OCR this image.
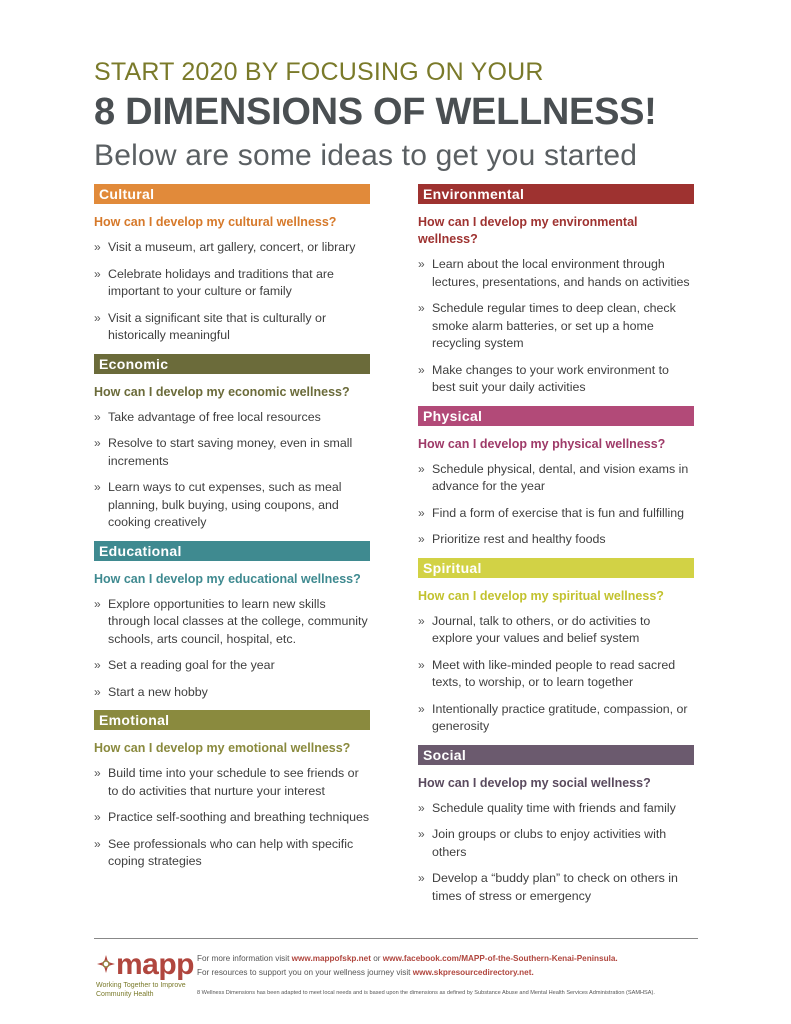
START 2020 BY FOCUSING ON YOUR
8 DIMENSIONS OF WELLNESS!
Below are some ideas to get you started
Cultural
How can I develop my cultural wellness?
» Visit a museum, art gallery, concert, or library
» Celebrate holidays and traditions that are important to your culture or family
» Visit a significant site that is culturally or historically meaningful
Economic
How can I develop my economic wellness?
» Take advantage of free local resources
» Resolve to start saving money, even in small increments
» Learn ways to cut expenses, such as meal planning, bulk buying, using coupons, and cooking creatively
Educational
How can I develop my educational wellness?
» Explore opportunities to learn new skills through local classes at the college, community schools, arts council, hospital, etc.
» Set a reading goal for the year
» Start a new hobby
Emotional
How can I develop my emotional wellness?
» Build time into your schedule to see friends or to do activities that nurture your interest
» Practice self-soothing and breathing techniques
» See professionals who can help with specific coping strategies
Environmental
How can I develop my environmental wellness?
» Learn about the local environment through lectures, presentations, and hands on activities
» Schedule regular times to deep clean, check smoke alarm batteries, or set up a home recycling system
» Make changes to your work environment to best suit your daily activities
Physical
How can I develop my physical wellness?
» Schedule physical, dental, and vision exams in advance for the year
» Find a form of exercise that is fun and fulfilling
» Prioritize rest and healthy foods
Spiritual
How can I develop my spiritual wellness?
» Journal, talk to others, or do activities to explore your values and belief system
» Meet with like-minded people to read sacred texts, to worship, or to learn together
» Intentionally practice gratitude, compassion, or generosity
Social
How can I develop my social wellness?
» Schedule quality time with friends and family
» Join groups or clubs to enjoy activities with others
» Develop a “buddy plan” to check on others in times of stress or emergency
mapp
Working Together to Improve Community Health
For more information visit www.mappofskp.net or www.facebook.com/MAPP-of-the-Southern-Kenai-Peninsula.
For resources to support you on your wellness journey visit www.skpresourcedirectory.net.
8 Wellness Dimensions has been adapted to meet local needs and is based upon the dimensions as defined by Substance Abuse and Mental Health Services Administration (SAMHSA).
